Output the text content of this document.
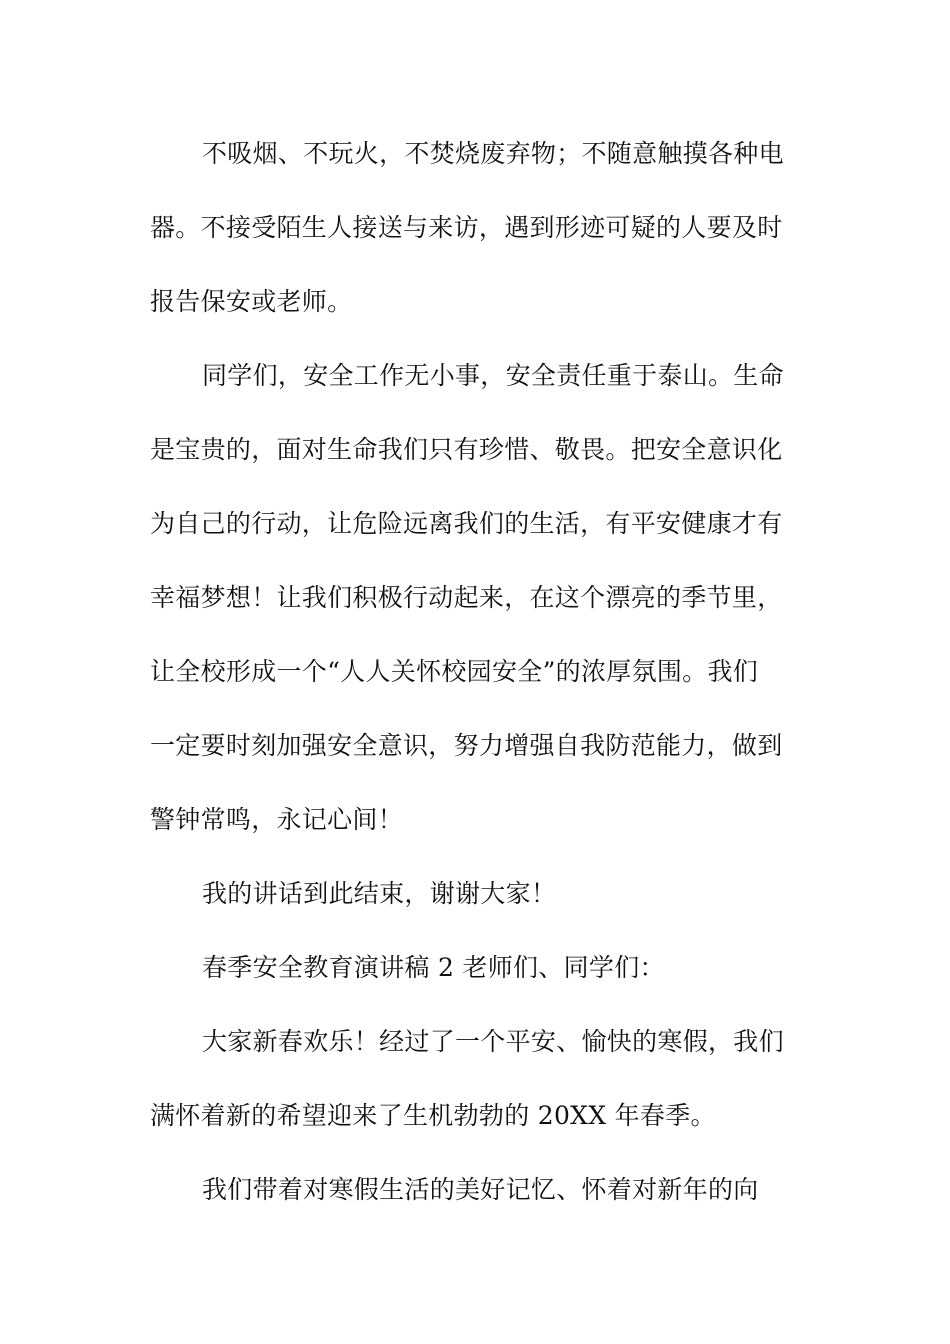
不吸烟、不玩火，不焚烧废弃物；不随意触摸各种电
器。不接受陌生人接送与来访，遇到形迹可疑的人要及时
报告保安或老师。
同学们，安全工作无小事，安全责任重于泰山。生命
是宝贵的，面对生命我们只有珍惜、敬畏。把安全意识化
为自己的行动，让危险远离我们的生活，有平安健康才有
幸福梦想！让我们积极行动起来，在这个漂亮的季节里，
让全校形成一个“人人关怀校园安全”的浓厚氛围。我们
一定要时刻加强安全意识，努力增强自我防范能力，做到
警钟常鸣，永记心间！
我的讲话到此结束，谢谢大家！
春季安全教育演讲稿 2 老师们、同学们：
大家新春欢乐！经过了一个平安、愉快的寒假，我们
满怀着新的希望迎来了生机勃勃的 20XX 年春季。
我们带着对寒假生活的美好记忆、怀着对新年的向
